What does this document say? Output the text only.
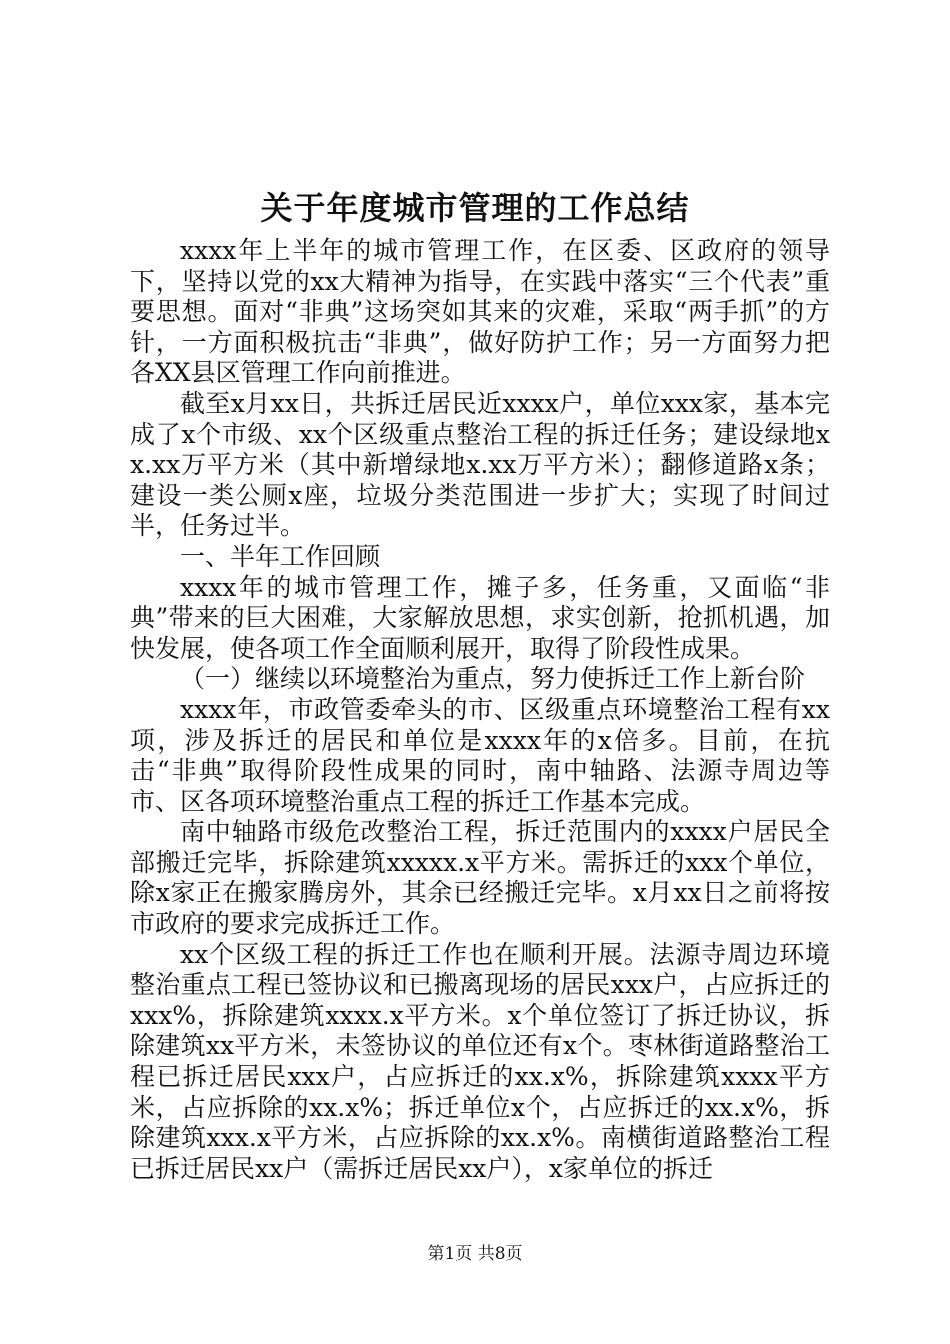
关于年度城市管理的工作总结

xxxx年上半年的城市管理工作，在区委、区政府的领导下，坚持以党的xx大精神为指导，在实践中落实“三个代表”重要思想。面对“非典”这场突如其来的灾难，采取“两手抓”的方针，一方面积极抗击“非典”，做好防护工作；另一方面努力把各XX县区管理工作向前推进。

截至x月xx日，共拆迁居民近xxxx户，单位xxx家，基本完成了x个市级、xx个区级重点整治工程的拆迁任务；建设绿地xx.xx万平方米（其中新增绿地x.xx万平方米）；翻修道路x条；建设一类公厕x座，垃圾分类范围进一步扩大；实现了时间过半，任务过半。

一、半年工作回顾

xxxx年的城市管理工作，摊子多，任务重，又面临“非典”带来的巨大困难，大家解放思想，求实创新，抢抓机遇，加快发展，使各项工作全面顺利展开，取得了阶段性成果。

（一）继续以环境整治为重点，努力使拆迁工作上新台阶

xxxx年，市政管委牵头的市、区级重点环境整治工程有xx项，涉及拆迁的居民和单位是xxxx年的x倍多。目前，在抗击“非典”取得阶段性成果的同时，南中轴路、法源寺周边等市、区各项环境整治重点工程的拆迁工作基本完成。

南中轴路市级危改整治工程，拆迁范围内的xxxx户居民全部搬迁完毕，拆除建筑xxxxx.x平方米。需拆迁的xxx个单位，除x家正在搬家腾房外，其余已经搬迁完毕。x月xx日之前将按市政府的要求完成拆迁工作。

xx个区级工程的拆迁工作也在顺利开展。法源寺周边环境整治重点工程已签协议和已搬离现场的居民xxx户，占应拆迁的xxx%，拆除建筑xxxx.x平方米。x个单位签订了拆迁协议，拆除建筑xx平方米，未签协议的单位还有x个。枣林街道路整治工程已拆迁居民xxx户，占应拆迁的xx.x%，拆除建筑xxxx平方米，占应拆除的xx.x%；拆迁单位x个，占应拆迁的xx.x%，拆除建筑xxx.x平方米，占应拆除的xx.x%。南横街道路整治工程已拆迁居民xx户（需拆迁居民xx户），x家单位的拆迁

第1页 共8页
